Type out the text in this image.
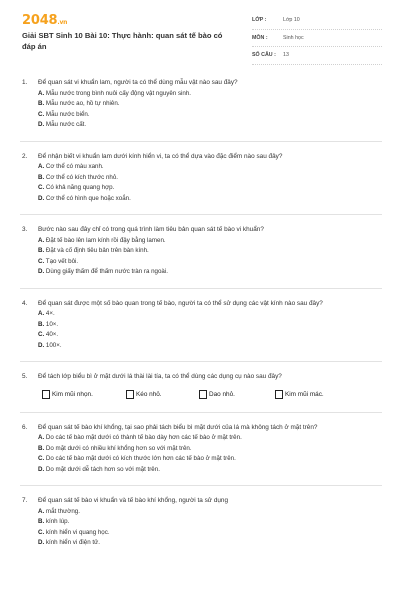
2048.vn
Giải SBT Sinh 10 Bài 10: Thực hành: quan sát tế bào có đáp án
LỚP :	Lớp 10
MÔN :	Sinh học
SỐ CÂU :	13
1. Để quan sát vi khuẩn lam, người ta có thể dùng mẫu vật nào sau đây?
A. Mẫu nước trong bình nuôi cấy động vật nguyên sinh.
B. Mẫu nước ao, hồ tự nhiên.
C. Mẫu nước biển.
D. Mẫu nước cất.
2. Để nhận biết vi khuẩn lam dưới kính hiển vi, ta có thể dựa vào đặc điểm nào sau đây?
A. Cơ thể có màu xanh.
B. Cơ thể có kích thước nhỏ.
C. Có khả năng quang hợp.
D. Cơ thể có hình que hoặc xoắn.
3. Bước nào sau đây chỉ có trong quá trình làm tiêu bản quan sát tế bào vi khuẩn?
A. Đặt tế bào lên lam kính rồi đậy bằng lamen.
B. Đặt và cố định tiêu bản trên bàn kính.
C. Tạo vết bôi.
D. Dùng giấy thấm để thấm nước tràn ra ngoài.
4. Để quan sát được một số bào quan trong tế bào, người ta có thể sử dụng các vật kính nào sau đây?
A. 4×.
B. 10×.
C. 40×.
D. 100×.
5. Để tách lớp biểu bì ở mặt dưới lá thài lài tía, ta có thể dùng các dụng cụ nào sau đây?
Kim mũi nhọn.	Kéo nhỏ.	Dao nhỏ.	Kim mũi mác.
6. Để quan sát tế bào khí khổng, tại sao phải tách biểu bì mặt dưới của lá mà không tách ở mặt trên?
A. Do các tế bào mặt dưới có thành tế bào dày hơn các tế bào ở mặt trên.
B. Do mặt dưới có nhiều khí khổng hơn so với mặt trên.
C. Do các tế bào mặt dưới có kích thước lớn hơn các tế bào ở mặt trên.
D. Do mặt dưới dễ tách hơn so với mặt trên.
7. Để quan sát tế bào vi khuẩn và tế bào khí khổng, người ta sử dụng
A. mắt thường.
B. kính lúp.
C. kính hiển vi quang học.
D. kính hiển vi điện tử.
